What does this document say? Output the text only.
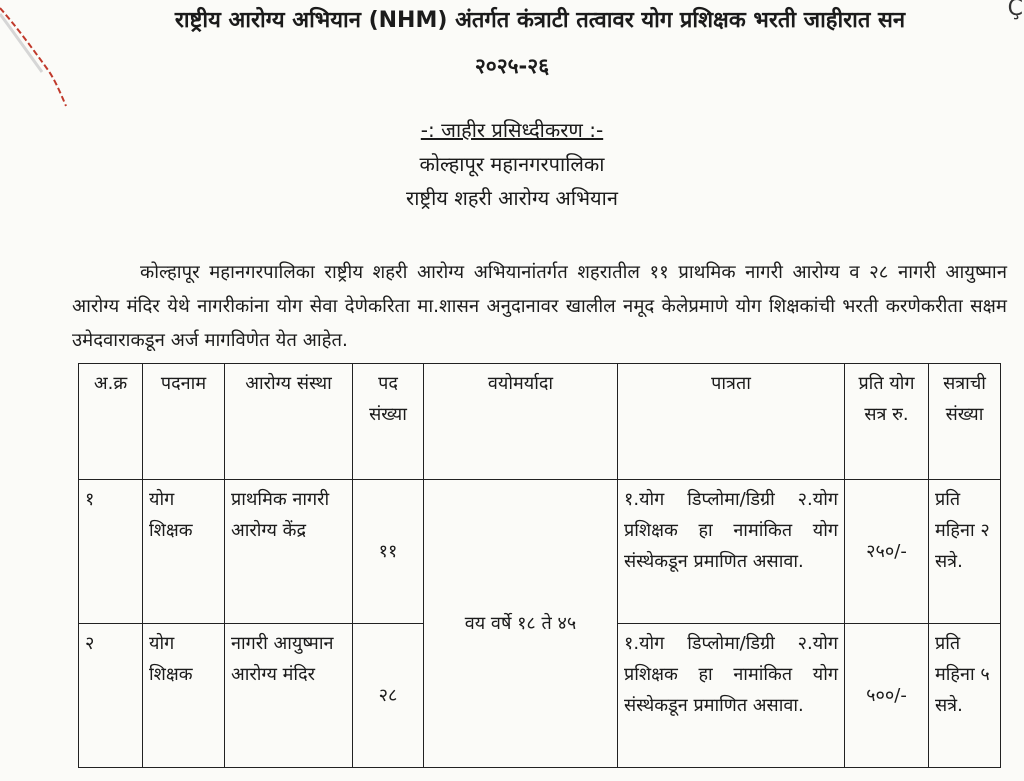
Ç
राष्ट्रीय आरोग्य अभियान (NHM) अंतर्गत कंत्राटी तत्वावर योग प्रशिक्षक भरती जाहीरात सन
२०२५-२६
-: जाहीर प्रसिध्दीकरण :-
कोल्हापूर महानगरपालिका
राष्ट्रीय शहरी आरोग्य अभियान
कोल्हापूर महानगरपालिका राष्ट्रीय शहरी आरोग्य अभियानांतर्गत शहरातील ११ प्राथमिक नागरी आरोग्य व २८ नागरी आयुष्मान आरोग्य मंदिर येथे नागरीकांना योग सेवा देणेकरिता मा.शासन अनुदानावर खालील नमूद केलेप्रमाणे योग शिक्षकांची भरती करणेकरीता सक्षम उमेदवाराकडून अर्ज मागविणेत येत आहेत.
अ.क्र	पदनाम	आरोग्य संस्था	पद संख्या	वयोमर्यादा	पात्रता	प्रति योग सत्र रु.	सत्राची संख्या
१	योग शिक्षक	प्राथमिक नागरी आरोग्य केंद्र	११	वय वर्षे १८ ते ४५	१.योग डिप्लोमा/डिग्री २.योग प्रशिक्षक हा नामांकित योग संस्थेकडून प्रमाणित असावा.	२५०/-	प्रति महिना २ सत्रे.
२	योग शिक्षक	नागरी आयुष्मान आरोग्य मंदिर	२८		१.योग डिप्लोमा/डिग्री २.योग प्रशिक्षक हा नामांकित योग संस्थेकडून प्रमाणित असावा.	५००/-	प्रति महिना ५ सत्रे.
